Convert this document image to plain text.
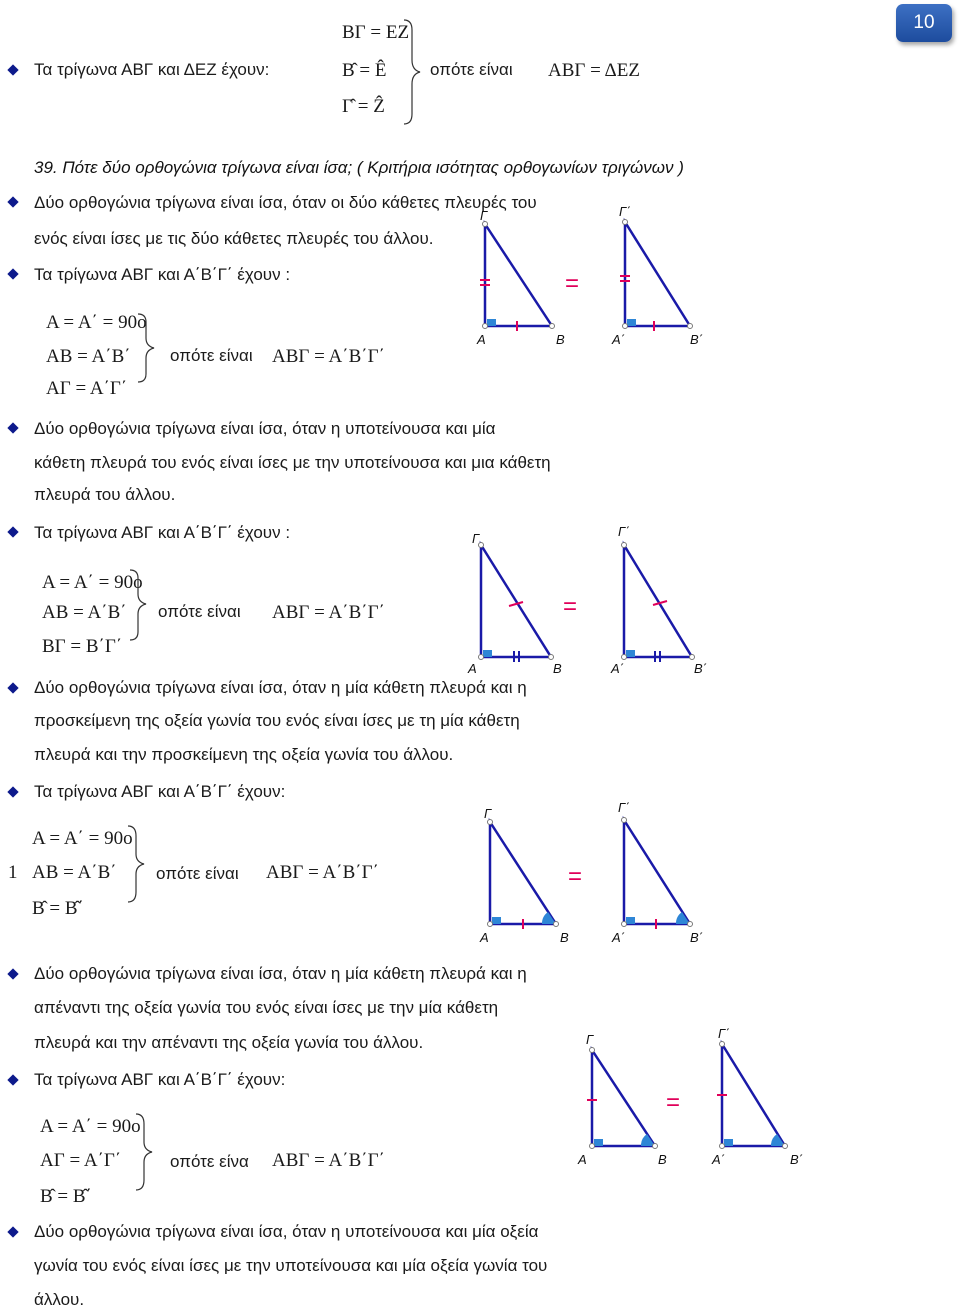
10
Τα τρίγωνα ΑΒΓ και ΔΕΖ έχουν:
ΒΓ = ΕΖ
Β̂ = Ê
Γ̂ = Ẑ
οπότε είναι ΑΒΓ = ΔΕΖ
39. Πότε δύο ορθογώνια τρίγωνα είναι ίσα; ( Κριτήρια ισότητας ορθογωνίων τριγώνων )
Δύο ορθογώνια τρίγωνα είναι ίσα, όταν οι δύο κάθετες πλευρές του
ενός είναι ίσες με τις δύο κάθετες πλευρές του άλλου.
Τα τρίγωνα ΑΒΓ και Α΄Β΄Γ΄ έχουν :
Α = Α΄ = 90ο
ΑΒ = Α΄Β΄
ΑΓ = Α΄Γ΄
οπότε είναι ΑΒΓ = Α΄Β΄Γ΄
Δύο ορθογώνια τρίγωνα είναι ίσα, όταν η υποτείνουσα και μία
κάθετη πλευρά του ενός είναι ίσες με την υποτείνουσα και μια κάθετη
πλευρά του άλλου.
Τα τρίγωνα ΑΒΓ και Α΄Β΄Γ΄ έχουν :
Α = Α΄ = 90ο
ΑΒ = Α΄Β΄
ΒΓ = Β΄Γ΄
οπότε είναι ΑΒΓ = Α΄Β΄Γ΄
Δύο ορθογώνια τρίγωνα είναι ίσα, όταν η μία κάθετη πλευρά και η
προσκείμενη της οξεία γωνία του ενός είναι ίσες με τη μία κάθετη
πλευρά και την προσκείμενη της οξεία γωνία του άλλου.
Τα τρίγωνα ΑΒΓ και Α΄Β΄Γ΄ έχουν:
1
Α = Α΄ = 90ο
ΑΒ = Α΄Β΄
Β̂ = Β̂΄
οπότε είναι ΑΒΓ = Α΄Β΄Γ΄
Δύο ορθογώνια τρίγωνα είναι ίσα, όταν η μία κάθετη πλευρά και η
απέναντι της οξεία γωνία του ενός είναι ίσες με την μία κάθετη
πλευρά και την απέναντι της οξεία γωνία του άλλου.
Τα τρίγωνα ΑΒΓ και Α΄Β΄Γ΄ έχουν:
Α = Α΄ = 90ο
ΑΓ = Α΄Γ΄
Β̂ = Β̂΄
οπότε είνα ΑΒΓ = Α΄Β΄Γ΄
Δύο ορθογώνια τρίγωνα είναι ίσα, όταν η υποτείνουσα και μία οξεία
γωνία του ενός είναι ίσες με την υποτείνουσα και μία οξεία γωνία του
άλλου.
Γ
Α	Β
Γ΄
Α΄	Β΄
=
Γ
Α	Β
Γ΄
Α΄	Β΄
=
Γ
Α	Β
Γ΄
Α΄	Β΄
=
Γ
Α	Β
Γ΄
Α΄	Β΄
=
